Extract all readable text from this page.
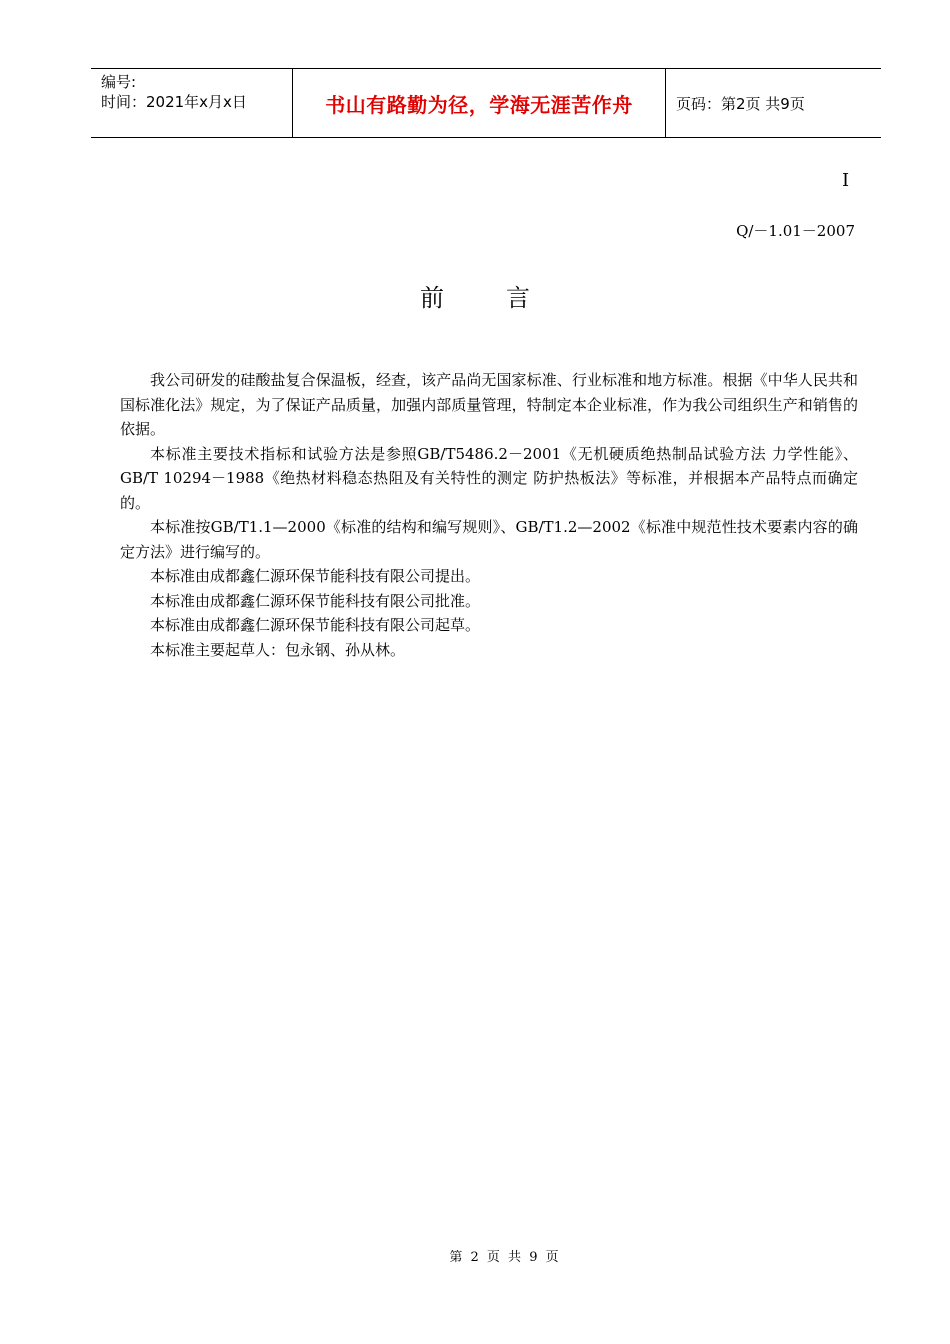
编号:
时间：2021年x月x日	书山有路勤为径，学海无涯苦作舟	页码：第2页 共9页
I
Q/－1.01－2007
前言

我公司研发的硅酸盐复合保温板，经查，该产品尚无国家标准、行业标准和地方标准。根据《中华人民共和国标准化法》规定，为了保证产品质量，加强内部质量管理，特制定本企业标准，作为我公司组织生产和销售的依据。

本标准主要技术指标和试验方法是参照GB/T5486.2－2001《无机硬质绝热制品试验方法 力学性能》、GB/T 10294－1988《绝热材料稳态热阻及有关特性的测定 防护热板法》等标准，并根据本产品特点而确定的。

本标准按GB/T1.1—2000《标准的结构和编写规则》、GB/T1.2—2002《标准中规范性技术要素内容的确定方法》进行编写的。

本标准由成都鑫仁源环保节能科技有限公司提出。

本标准由成都鑫仁源环保节能科技有限公司批准。

本标准由成都鑫仁源环保节能科技有限公司起草。

本标准主要起草人：包永钢、孙从林。

第 2 页 共 9 页
